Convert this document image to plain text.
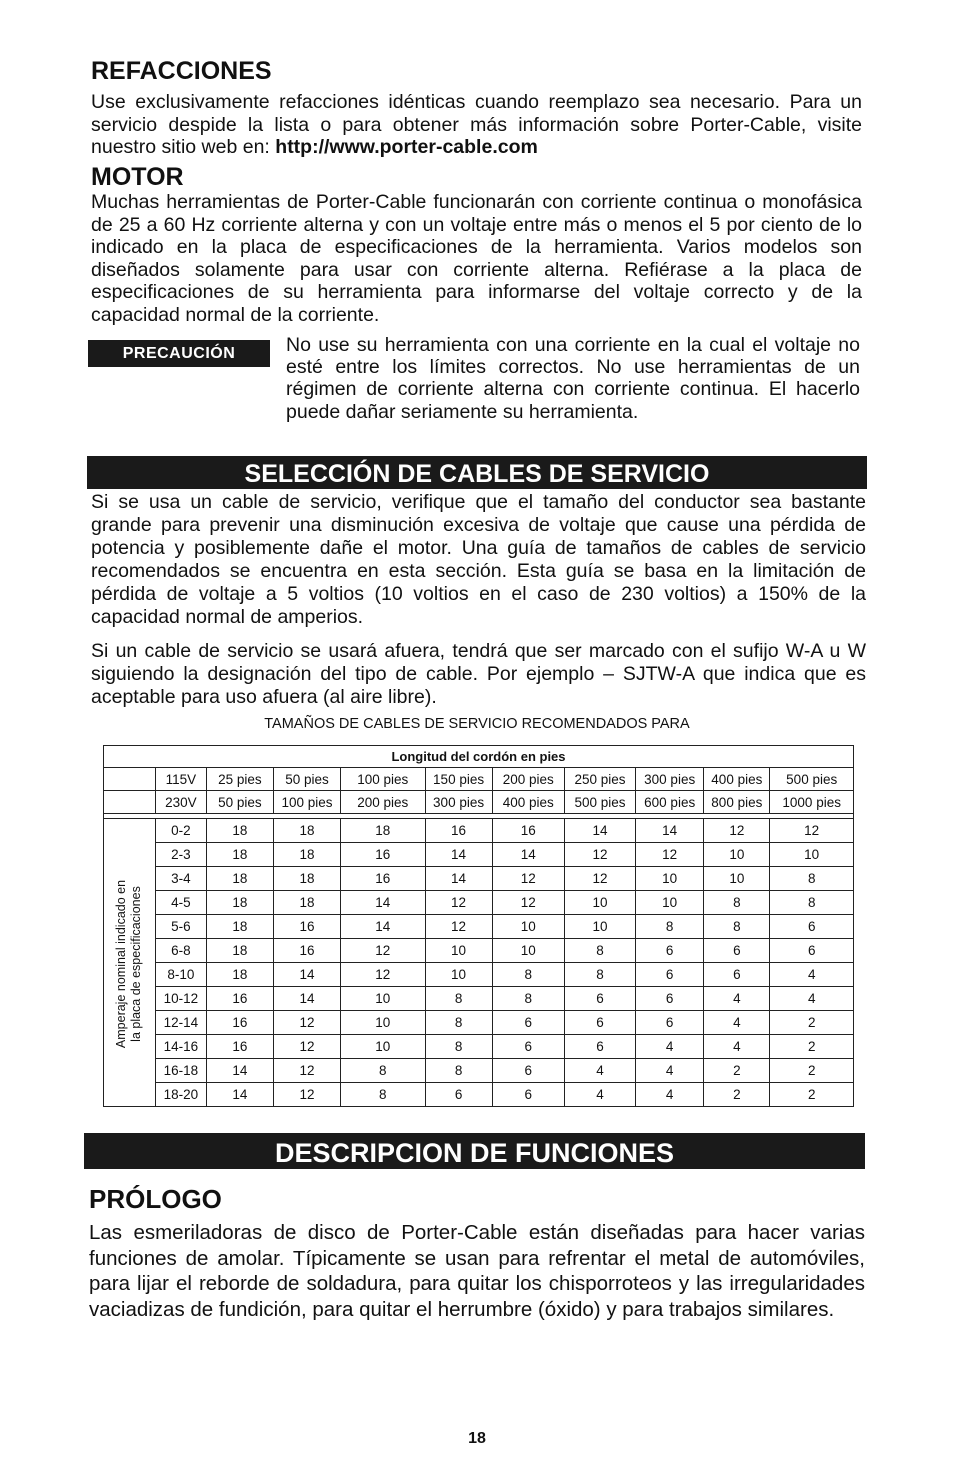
REFACCIONES

Use exclusivamente refacciones idénticas cuando reemplazo sea necesario. Para un servicio despide la lista o para obtener más información sobre Porter-Cable, visite nuestro sitio web en: http://www.porter-cable.com

MOTOR

Muchas herramientas de Porter-Cable funcionarán con corriente continua o monofásica de 25 a 60 Hz corriente alterna y con un voltaje entre más o menos el 5 por ciento de lo indicado en la placa de especificaciones de la herramienta. Varios modelos son diseñados solamente para usar con corriente alterna. Refiérase a la placa de especificaciones de su herramienta para informarse del voltaje correcto y de la capacidad normal de la corriente.

PRECAUCIÓN	No use su herramienta con una corriente en la cual el voltaje no esté entre los límites correctos. No use herramientas de un régimen de corriente alterna con corriente continua. El hacerlo puede dañar seriamente su herramienta.

SELECCIÓN DE CABLES DE SERVICIO

Si se usa un cable de servicio, verifique que el tamaño del conductor sea bastante grande para prevenir una disminución excesiva de voltaje que cause una pérdida de potencia y posiblemente dañe el motor. Una guía de tamaños de cables de servicio recomendados se encuentra en esta sección. Esta guía se basa en la limitación de pérdida de voltaje a 5 voltios (10 voltios en el caso de 230 voltios) a 150% de la capacidad normal de amperios.

Si un cable de servicio se usará afuera, tendrá que ser marcado con el sufijo W-A u W siguiendo la designación del tipo de cable. Por ejemplo – SJTW-A que indica que es aceptable para uso afuera (al aire libre).

TAMAÑOS DE CABLES DE SERVICIO RECOMENDADOS PARA
Longitud del cordón en pies										
	115V	25 pies	50 pies	100 pies	150 pies	200 pies	250 pies	300 pies	400 pies	500 pies
	230V	50 pies	100 pies	200 pies	300 pies	400 pies	500 pies	600 pies	800 pies	1000 pies

	0-2	18	18	18	16	16	14	14	12	12
	2-3	18	18	16	14	14	12	12	10	10
	3-4	18	18	16	14	12	12	10	10	8
	4-5	18	18	14	12	12	10	10	8	8
	5-6	18	16	14	12	10	10	8	8	6
	6-8	18	16	12	10	10	8	6	6	6
	8-10	18	14	12	10	8	8	6	6	4
	10-12	16	14	10	8	8	6	6	4	4
	12-14	16	12	10	8	6	6	6	4	2
	14-16	16	12	10	8	6	6	4	4	2
	16-18	14	12	8	8	6	4	4	2	2
	18-20	14	12	8	6	6	4	4	2	2
Amperaje nominal indicado en la placa de especificaciones
DESCRIPCION DE FUNCIONES
PRÓLOGO

Las esmeriladoras de disco de Porter-Cable están diseñadas para hacer varias funciones de amolar. Típicamente se usan para refrentar el metal de automóviles, para lijar el reborde de soldadura, para quitar los chisporroteos y las irregularidades vaciadizas de fundición, para quitar el herrumbre (óxido) y para trabajos similares.

18
